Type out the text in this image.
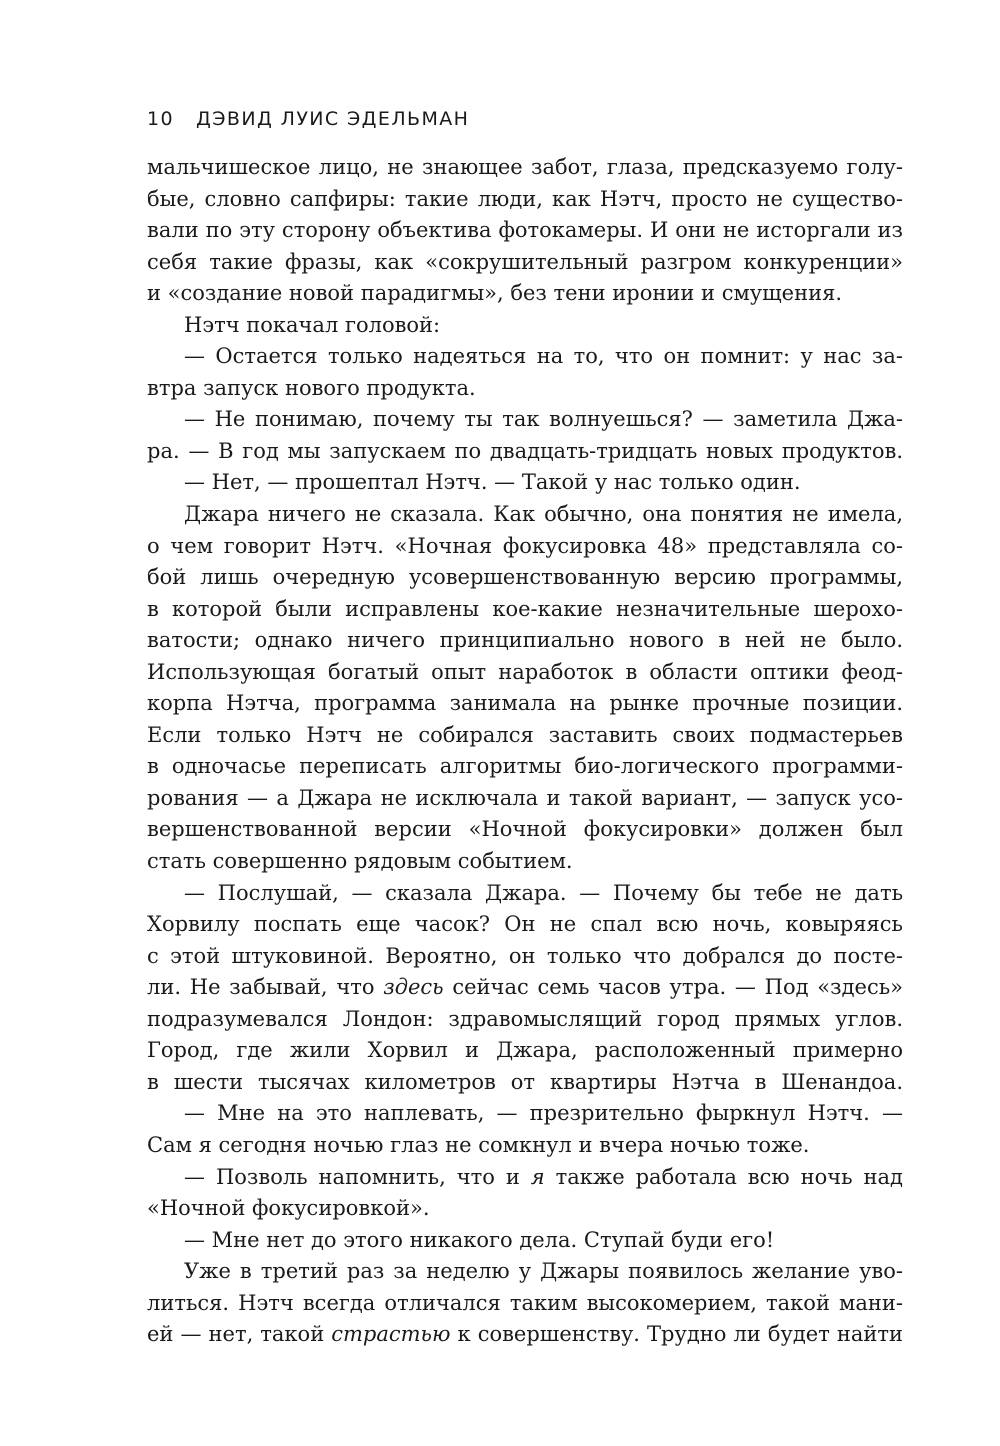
10 ДЭВИД ЛУИС ЭДЕЛЬМАН
мальчишеское лицо, не знающее забот, глаза, предсказуемо голу-
бые, словно сапфиры: такие люди, как Нэтч, просто не существо-
вали по эту сторону объектива фотокамеры. И они не исторгали из
себя такие фразы, как «сокрушительный разгром конкуренции»
и «создание новой парадигмы», без тени иронии и смущения.
Нэтч покачал головой:
— Остается только надеяться на то, что он помнит: у нас за-
втра запуск нового продукта.
— Не понимаю, почему ты так волнуешься? — заметила Джа-
ра. — В год мы запускаем по двадцать-тридцать новых продуктов.
— Нет, — прошептал Нэтч. — Такой у нас только один.
Джара ничего не сказала. Как обычно, она понятия не имела,
о чем говорит Нэтч. «Ночная фокусировка 48» представляла со-
бой лишь очередную усовершенствованную версию программы,
в которой были исправлены кое-какие незначительные шерохо-
ватости; однако ничего принципиально нового в ней не было.
Использующая богатый опыт наработок в области оптики феод-
корпа Нэтча, программа занимала на рынке прочные позиции.
Если только Нэтч не собирался заставить своих подмастерьев
в одночасье переписать алгоритмы био-логического программи-
рования — а Джара не исключала и такой вариант, — запуск усо-
вершенствованной версии «Ночной фокусировки» должен был
стать совершенно рядовым событием.
— Послушай, — сказала Джара. — Почему бы тебе не дать
Хорвилу поспать еще часок? Он не спал всю ночь, ковыряясь
с этой штуковиной. Вероятно, он только что добрался до посте-
ли. Не забывай, что здесь сейчас семь часов утра. — Под «здесь»
подразумевался Лондон: здравомыслящий город прямых углов.
Город, где жили Хорвил и Джара, расположенный примерно
в шести тысячах километров от квартиры Нэтча в Шенандоа.
— Мне на это наплевать, — презрительно фыркнул Нэтч. —
Сам я сегодня ночью глаз не сомкнул и вчера ночью тоже.
— Позволь напомнить, что и я также работала всю ночь над
«Ночной фокусировкой».
— Мне нет до этого никакого дела. Ступай буди его!
Уже в третий раз за неделю у Джары появилось желание уво-
литься. Нэтч всегда отличался таким высокомерием, такой мани-
ей — нет, такой страстью к совершенству. Трудно ли будет найти
